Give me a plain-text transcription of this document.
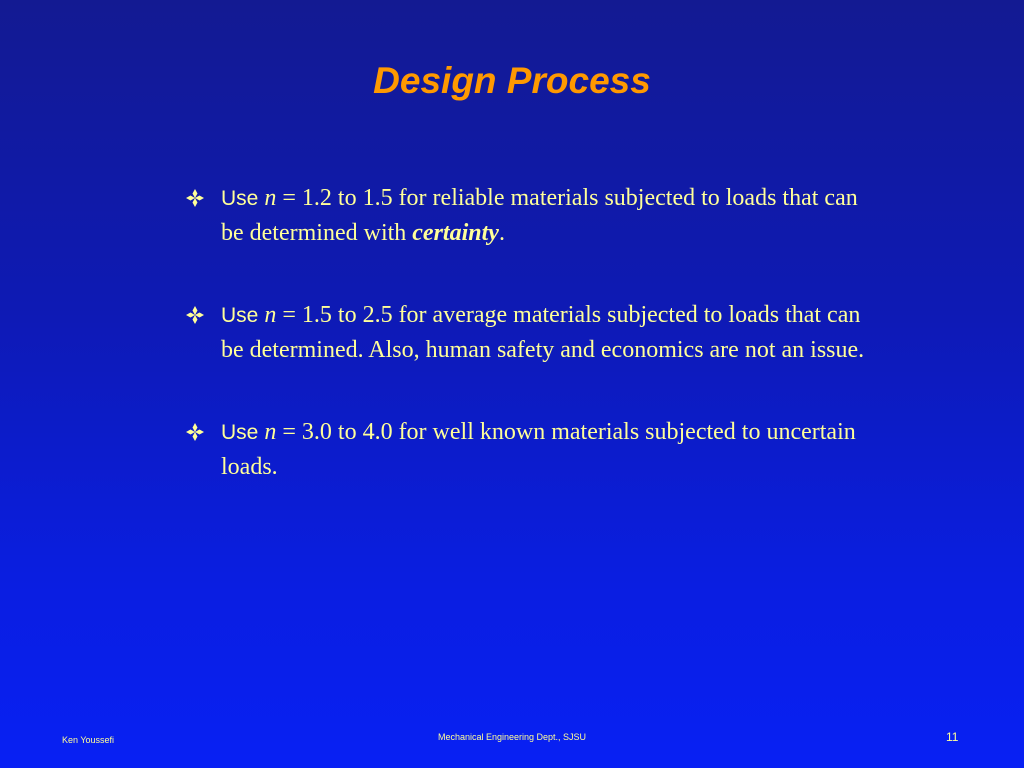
Design Process
Use n = 1.2 to 1.5 for reliable materials subjected to loads that can be determined with certainty.
Use n = 1.5 to 2.5 for average materials subjected to loads that can be determined. Also, human safety and economics are not an issue.
Use n = 3.0 to 4.0 for well known materials subjected to uncertain loads.
Ken Youssefi	Mechanical Engineering Dept., SJSU	11
